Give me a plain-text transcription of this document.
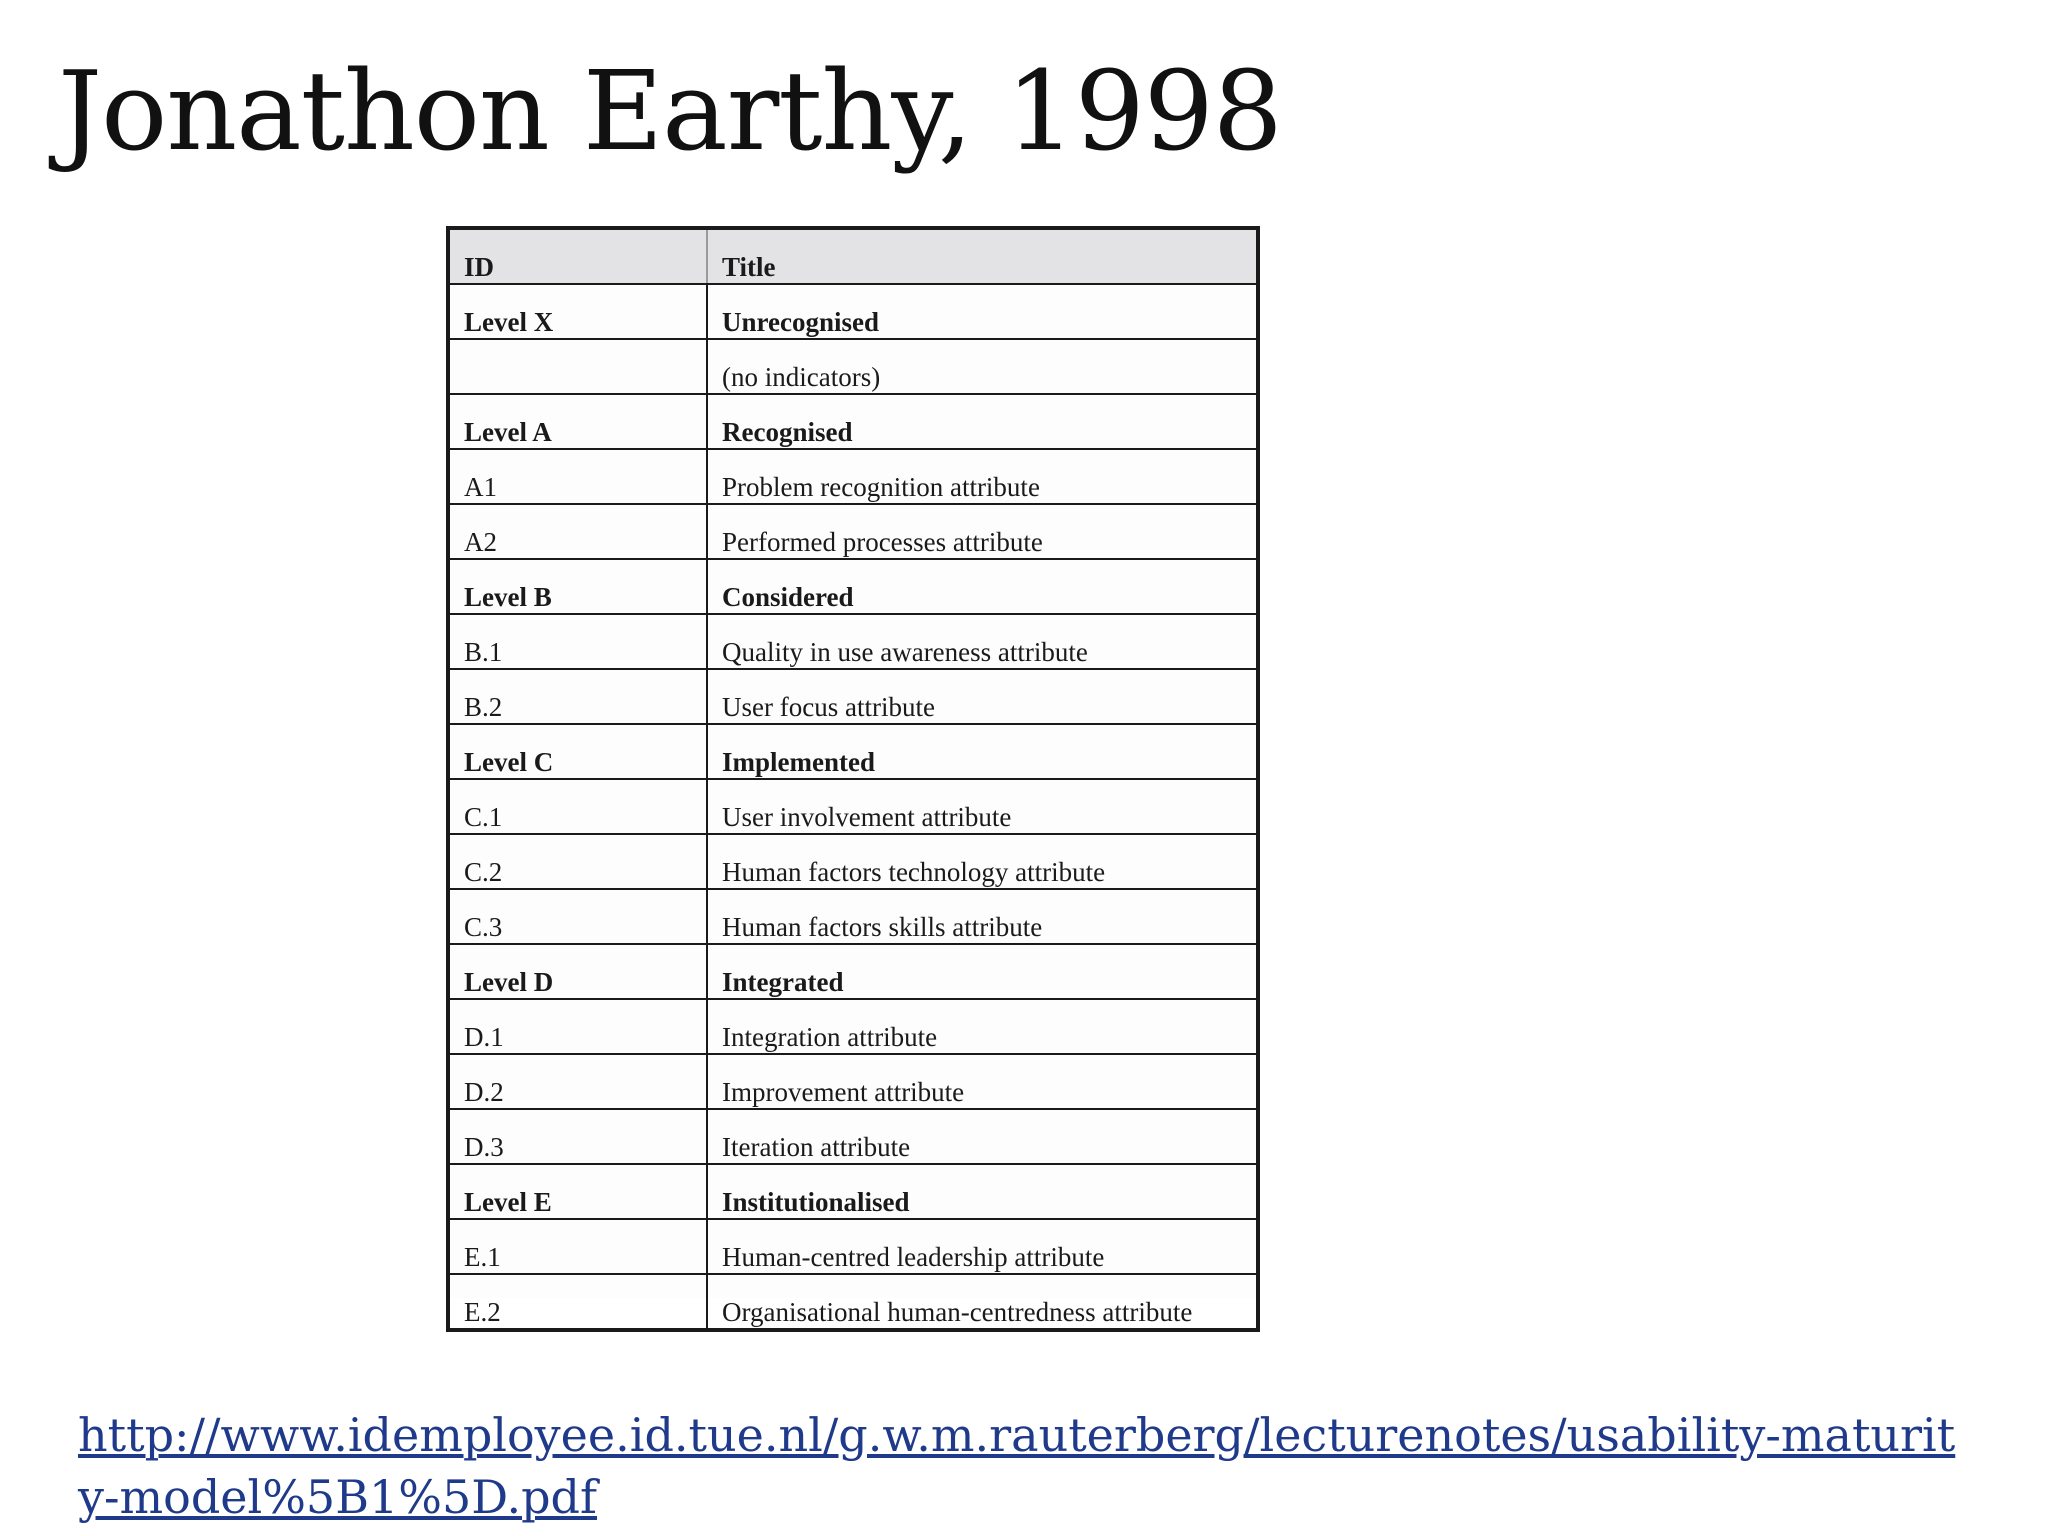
Jonathon Earthy, 1998
ID	Title
Level X	Unrecognised
	(no indicators)
Level A	Recognised
A1	Problem recognition attribute
A2	Performed processes attribute
Level B	Considered
B.1	Quality in use awareness attribute
B.2	User focus attribute
Level C	Implemented
C.1	User involvement attribute
C.2	Human factors technology attribute
C.3	Human factors skills attribute
Level D	Integrated
D.1	Integration attribute
D.2	Improvement attribute
D.3	Iteration attribute
Level E	Institutionalised
E.1	Human-centred leadership attribute
E.2	Organisational human-centredness attribute
http://www.idemployee.id.tue.nl/g.w.m.rauterberg/lecturenotes/usability-maturity-model%5B1%5D.pdf
